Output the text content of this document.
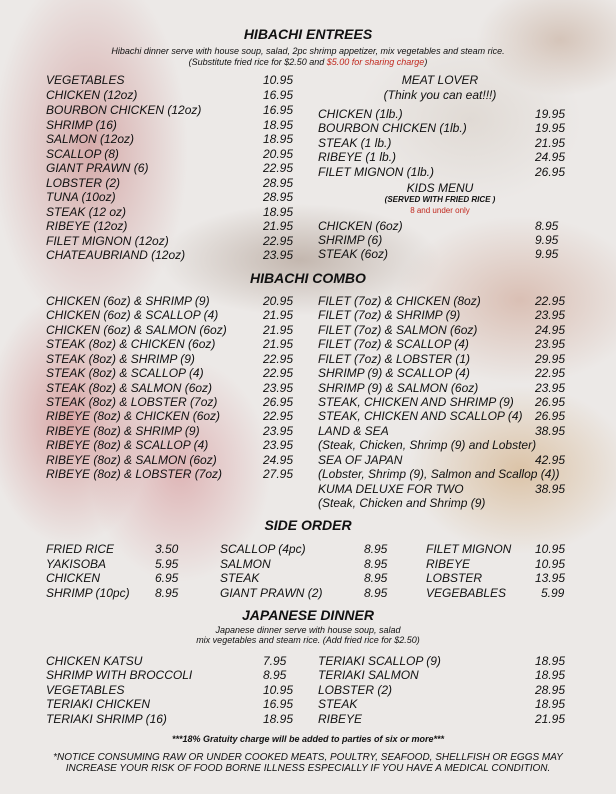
HIBACHI ENTREES
Hibachi dinner serve with house soup, salad, 2pc shrimp appetizer, mix vegetables and steam rice.
(Substitute fried rice for $2.50 and $5.00 for sharing charge)
VEGETABLES	10.95
CHICKEN (12oz)	16.95
BOURBON CHICKEN (12oz)	16.95
SHRIMP (16)	18.95
SALMON (12oz)	18.95
SCALLOP (8)	20.95
GIANT PRAWN (6)	22.95
LOBSTER (2)	28.95
TUNA (10oz)	28.95
STEAK (12 oz)	18.95
RIBEYE (12oz)	21.95
FILET MIGNON (12oz)	22.95
CHATEAUBRIAND (12oz)	23.95
MEAT LOVER
(Think you can eat!!!)
CHICKEN (1lb.)	19.95
BOURBON CHICKEN (1lb.)	19.95
STEAK (1 lb.)	21.95
RIBEYE (1 lb.)	24.95
FILET MIGNON (1lb.)	26.95
KIDS MENU
(SERVED WITH FRIED RICE )
8 and under only
CHICKEN (6oz)	8.95
SHRIMP (6)	9.95
STEAK (6oz)	9.95
HIBACHI COMBO
CHICKEN (6oz) & SHRIMP (9)	20.95
CHICKEN (6oz) & SCALLOP (4)	21.95
CHICKEN (6oz) & SALMON (6oz)	21.95
STEAK (8oz) & CHICKEN (6oz)	21.95
STEAK (8oz) & SHRIMP (9)	22.95
STEAK (8oz) & SCALLOP (4)	22.95
STEAK (8oz) & SALMON (6oz)	23.95
STEAK (8oz) & LOBSTER (7oz)	26.95
RIBEYE (8oz) & CHICKEN (6oz)	22.95
RIBEYE (8oz) & SHRIMP (9)	23.95
RIBEYE (8oz) & SCALLOP (4)	23.95
RIBEYE (8oz) & SALMON (6oz)	24.95
RIBEYE (8oz) & LOBSTER (7oz)	27.95
FILET (7oz) & CHICKEN (8oz)	22.95
FILET (7oz) & SHRIMP (9)	23.95
FILET (7oz) & SALMON (6oz)	24.95
FILET (7oz) & SCALLOP (4)	23.95
FILET (7oz) & LOBSTER (1)	29.95
SHRIMP (9) & SCALLOP (4)	22.95
SHRIMP (9) & SALMON (6oz)	23.95
STEAK, CHICKEN AND SHRIMP (9) 26.95
STEAK, CHICKEN AND SCALLOP (4) 26.95
LAND & SEA	38.95
(Steak, Chicken, Shrimp (9) and Lobster)
SEA OF JAPAN	42.95
(Lobster, Shrimp (9), Salmon and Scallop (4))
KUMA DELUXE FOR TWO	38.95
(Steak, Chicken and Shrimp (9)
SIDE ORDER
FRIED RICE	3.50
YAKISOBA	5.95
CHICKEN	6.95
SHRIMP (10pc) 8.95
SCALLOP (4pc)	8.95
SALMON	8.95
STEAK	8.95
GIANT PRAWN (2)	8.95
FILET MIGNON 10.95
RIBEYE	10.95
LOBSTER	13.95
VEGEBABLES	5.99
JAPANESE DINNER
Japanese dinner serve with house soup, salad
mix vegetables and steam rice. (Add fried rice for $2.50)
CHICKEN KATSU	7.95
SHRIMP WITH BROCCOLI	8.95
VEGETABLES	10.95
TERIAKI CHICKEN	16.95
TERIAKI SHRIMP (16)	18.95
TERIAKI SCALLOP (9)	18.95
TERIAKI SALMON	18.95
LOBSTER (2)	28.95
STEAK	18.95
RIBEYE	21.95
***18% Gratuity charge will be added to parties of six or more***
*NOTICE CONSUMING RAW OR UNDER COOKED MEATS, POULTRY, SEAFOOD, SHELLFISH OR EGGS MAY
INCREASE YOUR RISK OF FOOD BORNE ILLNESS ESPECIALLY IF YOU HAVE A MEDICAL CONDITION.
